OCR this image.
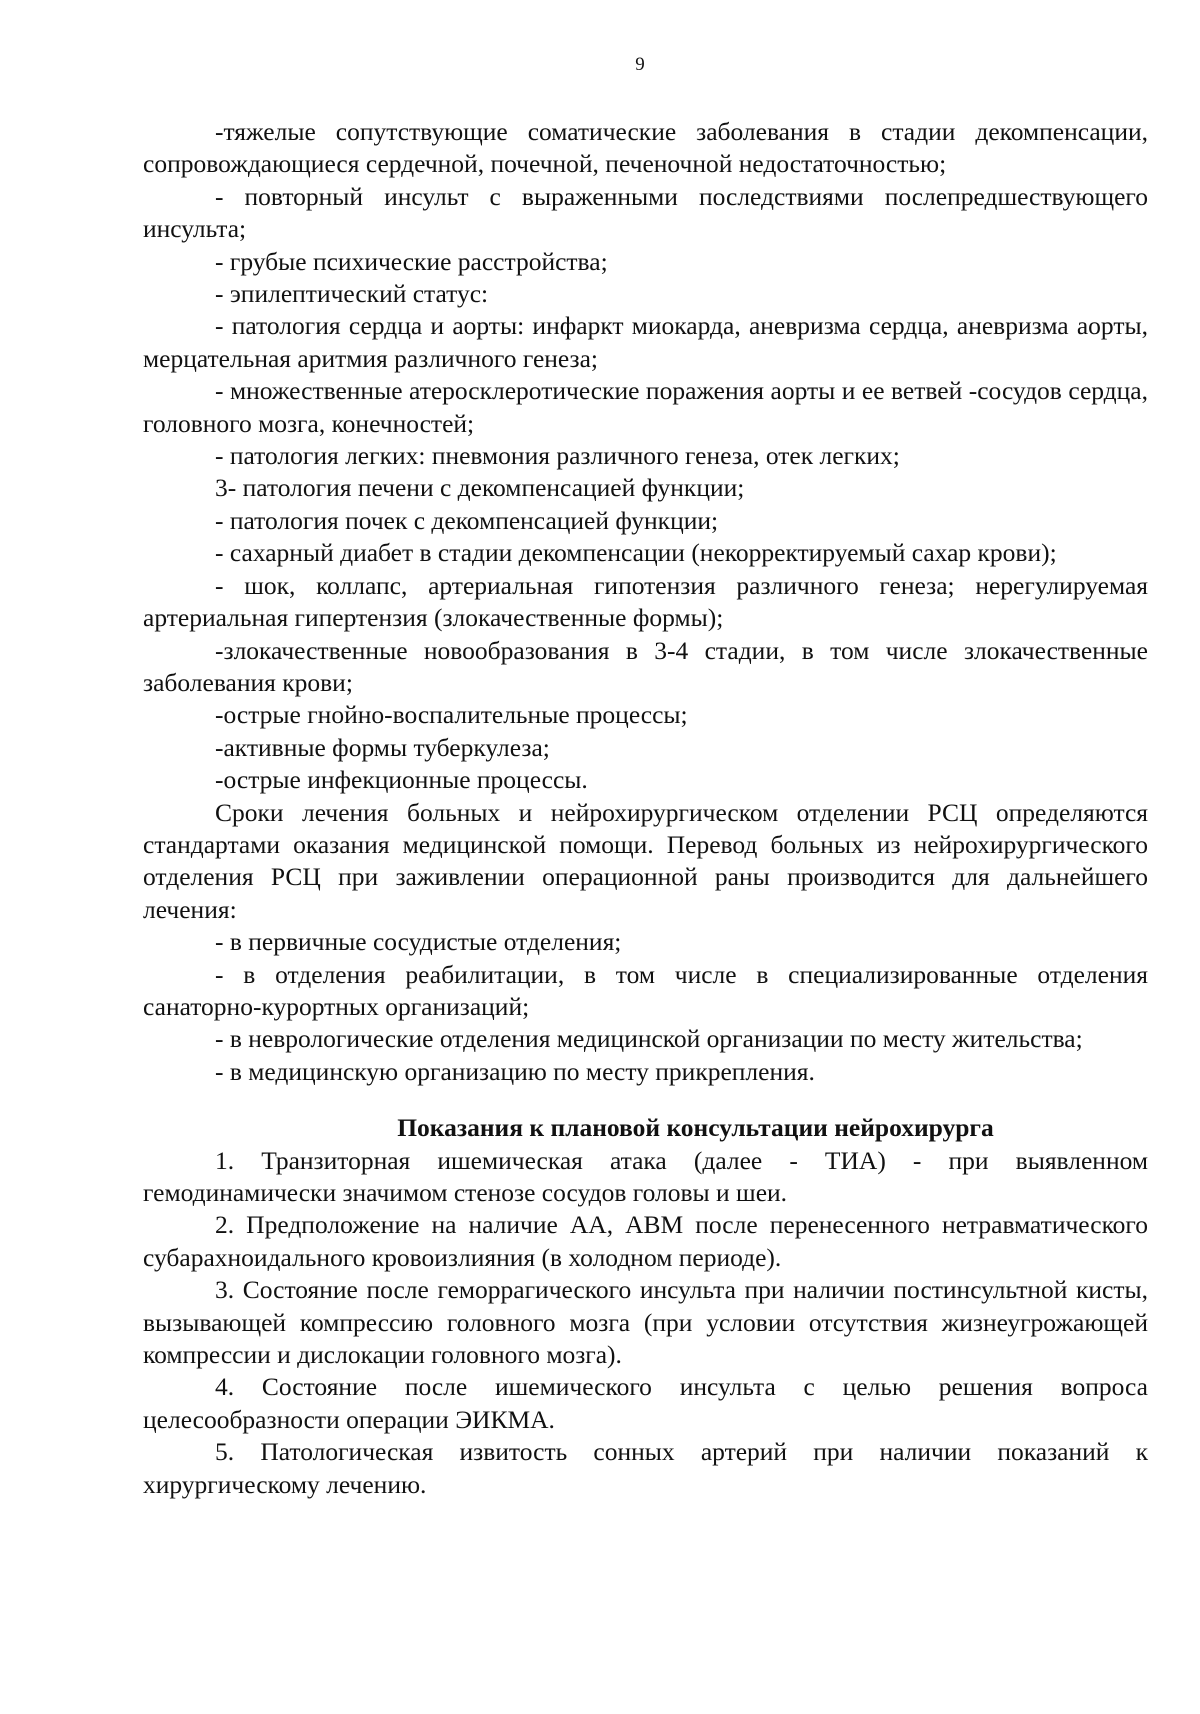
9

-тяжелые сопутствующие соматические заболевания в стадии декомпенсации, сопровождающиеся сердечной, почечной, печеночной недостаточностью;

- повторный инсульт с выраженными последствиями послепредшествующего инсульта;

- грубые психические расстройства;

- эпилептический статус:

- патология сердца и аорты: инфаркт миокарда, аневризма сердца, аневризма аорты, мерцательная аритмия различного генеза;

- множественные атеросклеротические поражения аорты и ее ветвей -сосудов сердца, головного мозга, конечностей;

- патология легких: пневмония различного генеза, отек легких;

3- патология печени с декомпенсацией функции;

- патология почек с декомпенсацией функции;

- сахарный диабет в стадии декомпенсации (некорректируемый сахар крови);

- шок, коллапс, артериальная гипотензия различного генеза; нерегулируемая артериальная гипертензия (злокачественные формы);

-злокачественные новообразования в 3-4 стадии, в том числе злокачественные заболевания крови;

-острые гнойно-воспалительные процессы;

-активные формы туберкулеза;

-острые инфекционные процессы.

Сроки лечения больных и нейрохирургическом отделении РСЦ определяются стандартами оказания медицинской помощи. Перевод больных из нейрохирургического отделения РСЦ при заживлении операционной раны производится для дальнейшего лечения:

- в первичные сосудистые отделения;

- в отделения реабилитации, в том числе в специализированные отделения санаторно-курортных организаций;

- в неврологические отделения медицинской организации по месту жительства;

- в медицинскую организацию по месту прикрепления.

Показания к плановой консультации нейрохирурга

1. Транзиторная ишемическая атака (далее - ТИА) - при выявленном гемодинамически значимом стенозе сосудов головы и шеи.

2. Предположение на наличие АА, АВМ после перенесенного нетравматического субарахноидального кровоизлияния (в холодном периоде).

3. Состояние после геморрагического инсульта при наличии постинсультной кисты, вызывающей компрессию головного мозга (при условии отсутствия жизнеугрожающей компрессии и дислокации головного мозга).

4. Состояние после ишемического инсульта с целью решения вопроса целесообразности операции ЭИКМА.

5. Патологическая извитость сонных артерий при наличии показаний к хирургическому лечению.
